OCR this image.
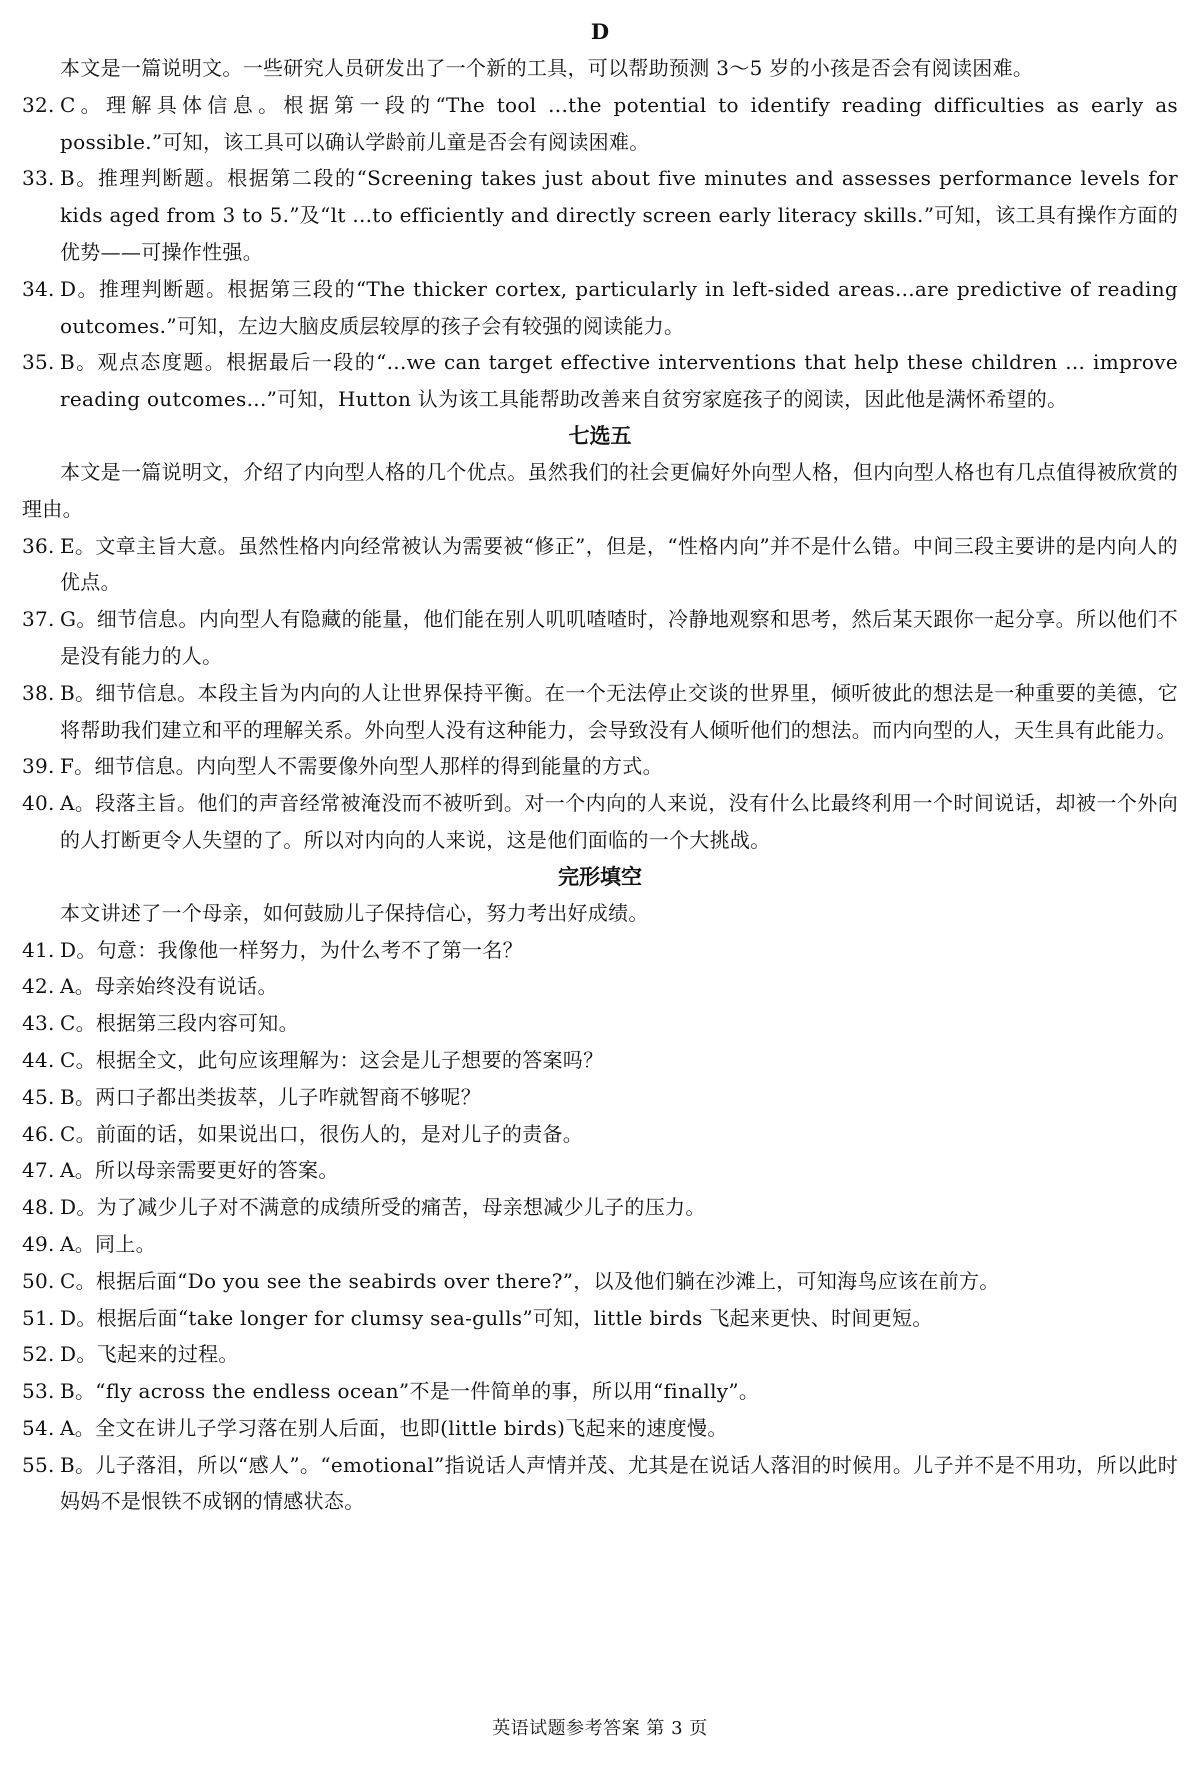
D

本文是一篇说明文。一些研究人员研发出了一个新的工具，可以帮助预测 3～5 岁的小孩是否会有阅读困难。

32. C。理解具体信息。根据第一段的“The tool ...the potential to identify reading difficulties as early as possible.”可知，该工具可以确认学龄前儿童是否会有阅读困难。
33. B。推理判断题。根据第二段的“Screening takes just about five minutes and assesses performance levels for kids aged from 3 to 5.”及“lt ...to efficiently and directly screen early literacy skills.”可知，该工具有操作方面的优势——可操作性强。
34. D。推理判断题。根据第三段的“The thicker cortex, particularly in left-sided areas...are predictive of reading outcomes.”可知，左边大脑皮质层较厚的孩子会有较强的阅读能力。
35. B。观点态度题。根据最后一段的“...we can target effective interventions that help these children ... improve reading outcomes...”可知，Hutton 认为该工具能帮助改善来自贫穷家庭孩子的阅读，因此他是满怀希望的。

七选五

本文是一篇说明文，介绍了内向型人格的几个优点。虽然我们的社会更偏好外向型人格，但内向型人格也有几点值得被欣赏的理由。

36. E。文章主旨大意。虽然性格内向经常被认为需要被“修正”，但是，“性格内向”并不是什么错。中间三段主要讲的是内向人的优点。
37. G。细节信息。内向型人有隐藏的能量，他们能在别人叽叽喳喳时，冷静地观察和思考，然后某天跟你一起分享。所以他们不是没有能力的人。
38. B。细节信息。本段主旨为内向的人让世界保持平衡。在一个无法停止交谈的世界里，倾听彼此的想法是一种重要的美德，它将帮助我们建立和平的理解关系。外向型人没有这种能力，会导致没有人倾听他们的想法。而内向型的人，天生具有此能力。
39. F。细节信息。内向型人不需要像外向型人那样的得到能量的方式。
40. A。段落主旨。他们的声音经常被淹没而不被听到。对一个内向的人来说，没有什么比最终利用一个时间说话，却被一个外向的人打断更令人失望的了。所以对内向的人来说，这是他们面临的一个大挑战。

完形填空

本文讲述了一个母亲，如何鼓励儿子保持信心，努力考出好成绩。

41. D。句意：我像他一样努力，为什么考不了第一名？
42. A。母亲始终没有说话。
43. C。根据第三段内容可知。
44. C。根据全文，此句应该理解为：这会是儿子想要的答案吗？
45. B。两口子都出类拔萃，儿子咋就智商不够呢？
46. C。前面的话，如果说出口，很伤人的，是对儿子的责备。
47. A。所以母亲需要更好的答案。
48. D。为了减少儿子对不满意的成绩所受的痛苦，母亲想减少儿子的压力。
49. A。同上。
50. C。根据后面“Do you see the seabirds over there?”，以及他们躺在沙滩上，可知海鸟应该在前方。
51. D。根据后面“take longer for clumsy sea-gulls”可知，little birds 飞起来更快、时间更短。
52. D。飞起来的过程。
53. B。“fly across the endless ocean”不是一件简单的事，所以用“finally”。
54. A。全文在讲儿子学习落在别人后面，也即(little birds)飞起来的速度慢。
55. B。儿子落泪，所以“感人”。“emotional”指说话人声情并茂、尤其是在说话人落泪的时候用。儿子并不是不用功，所以此时妈妈不是恨铁不成钢的情感状态。
英语试题参考答案 第 3 页
